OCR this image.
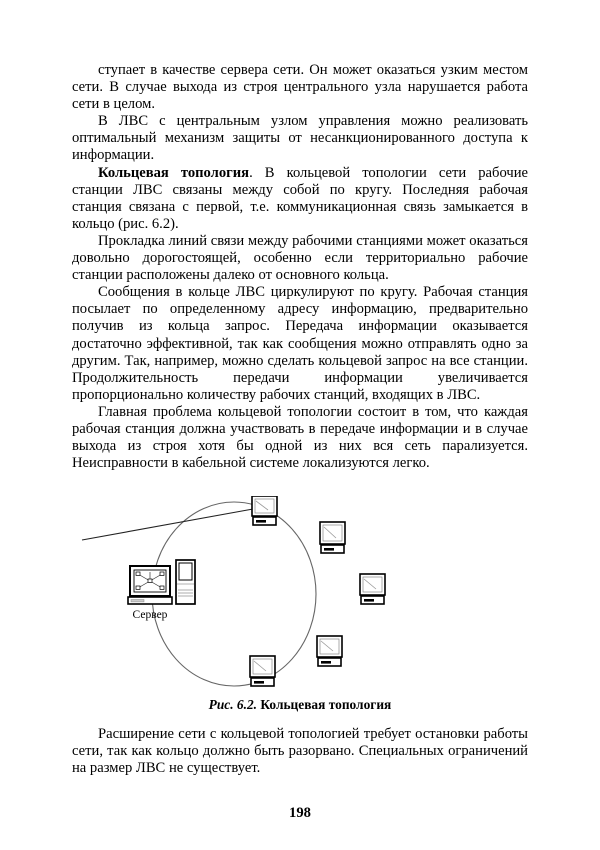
ступает в качестве сервера сети. Он может оказаться узким местом сети. В случае выхода из строя центрального узла нарушается работа сети в целом.

В ЛВС с центральным узлом управления можно реализовать оптимальный механизм защиты от несанкционированного доступа к информации.

Кольцевая топология. В кольцевой топологии сети рабочие станции ЛВС связаны между собой по кругу. Последняя рабочая станция связана с первой, т.е. коммуникационная связь замыкается в кольцо (рис. 6.2).

Прокладка линий связи между рабочими станциями может оказаться довольно дорогостоящей, особенно если территориально рабочие станции расположены далеко от основного кольца.

Сообщения в кольце ЛВС циркулируют по кругу. Рабочая станция посылает по определенному адресу информацию, предварительно получив из кольца запрос. Передача информации оказывается достаточно эффективной, так как сообщения можно отправлять одно за другим. Так, например, можно сделать кольцевой запрос на все станции. Продолжительность передачи информации увеличивается пропорционально количеству рабочих станций, входящих в ЛВС.

Главная проблема кольцевой топологии состоит в том, что каждая рабочая станция должна участвовать в передаче информации и в случае выхода из строя хотя бы одной из них вся сеть парализуется. Неисправности в кабельной системе локализуются легко.

Сервер
Рис. 6.2. Кольцевая топология

Расширение сети с кольцевой топологией требует остановки работы сети, так как кольцо должно быть разорвано. Специальных ограничений на размер ЛВС не существует.

198
